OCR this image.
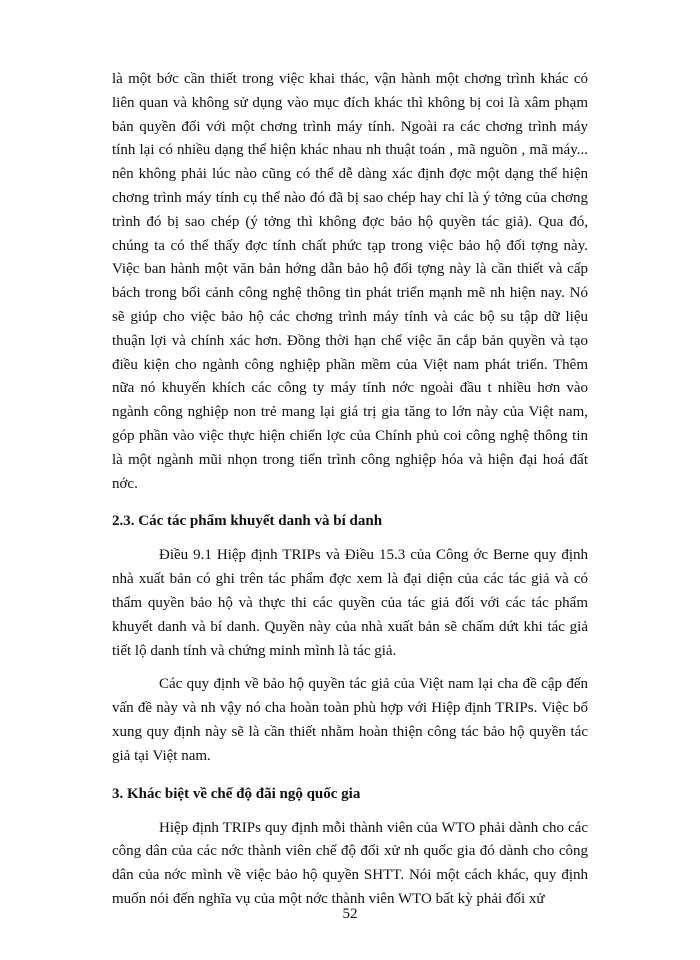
là một bớc cần thiết trong việc khai thác, vận hành một chơng trình khác có liên quan và không sử dụng vào mục đích khác thì không bị coi là xâm phạm bản quyền đối với một chơng trình máy tính. Ngoài ra các chơng trình máy tính lại có nhiều dạng thể hiện khác nhau nh thuật toán , mã nguồn , mã máy... nên không phải lúc nào cũng có thể dễ dàng xác định đợc một dạng thể hiện chơng trình máy tính cụ thể nào đó đã bị sao chép hay chỉ là ý tởng của chơng trình đó bị sao chép (ý tởng thì không đợc bảo hộ quyền tác giả). Qua đó, chúng ta có thể thấy đợc tính chất phức tạp trong việc bảo hộ đối tợng này. Việc ban hành một văn bản hớng dẫn bảo hộ đối tợng này là cần thiết và cấp bách trong bối cảnh công nghệ thông tin phát triển mạnh mẽ nh hiện nay. Nó sẽ giúp cho việc bảo hộ các chơng trình máy tính và các bộ su tập dữ liệu thuận lợi và chính xác hơn. Đồng thời hạn chế việc ăn cắp bản quyền và tạo điều kiện cho ngành công nghiệp phần mềm của Việt nam phát triển. Thêm nữa nó khuyến khích các công ty máy tính nớc ngoài đầu t nhiều hơn vào ngành công nghiệp non trẻ mang lại giá trị gia tăng to lớn này của Việt nam, góp phần vào việc thực hiện chiến lợc của Chính phủ coi công nghệ thông tin là một ngành mũi nhọn trong tiến trình công nghiệp hóa và hiện đại hoá đất nớc.

2.3. Các tác phẩm khuyết danh và bí danh

Điều 9.1 Hiệp định TRIPs và Điều 15.3 của Công ớc Berne quy định nhà xuất bản có ghi trên tác phẩm đợc xem là đại diện của các tác giả và có thẩm quyền bảo hộ và thực thi các quyền của tác giả đối với các tác phẩm khuyết danh và bí danh. Quyền này của nhà xuất bản sẽ chấm dứt khi tác giả tiết lộ danh tính và chứng minh mình là tác giả.

Các quy định về bảo hộ quyền tác giả của Việt nam lại cha đề cập đến vấn đề này và nh vậy nó cha hoàn toàn phù hợp với Hiệp định TRIPs. Việc bổ xung quy định này sẽ là cần thiết nhằm hoàn thiện công tác bảo hộ quyền tác giả tại Việt nam.

3. Khác biệt về chế độ đãi ngộ quốc gia

Hiệp định TRIPs quy định mỗi thành viên của WTO phải dành cho các công dân của các nớc thành viên chế độ đối xử nh quốc gia đó dành cho công dân của nớc mình về việc bảo hộ quyền SHTT. Nói một cách khác, quy định muốn nói đến nghĩa vụ của một nớc thành viên WTO bất kỳ phải đối xử

52
